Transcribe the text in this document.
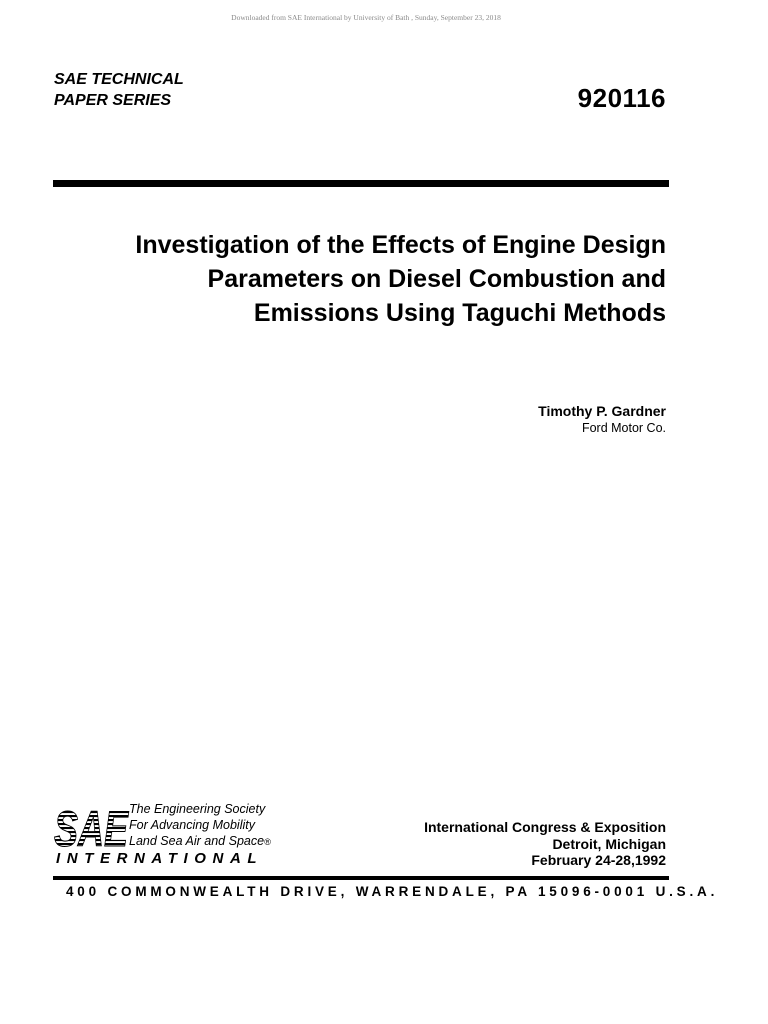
Downloaded from SAE International by University of Bath , Sunday, September 23, 2018
SAE TECHNICAL
PAPER SERIES	920116
Investigation of the Effects of Engine Design
Parameters on Diesel Combustion and
Emissions Using Taguchi Methods
Timothy P. Gardner
Ford Motor Co.
SAE The Engineering Society
For Advancing Mobility
Land Sea Air and Space®
INTERNATIONAL
International Congress & Exposition
Detroit, Michigan
February 24-28,1992
400 COMMONWEALTH DRIVE, WARRENDALE, PA 15096-0001 U.S.A.
